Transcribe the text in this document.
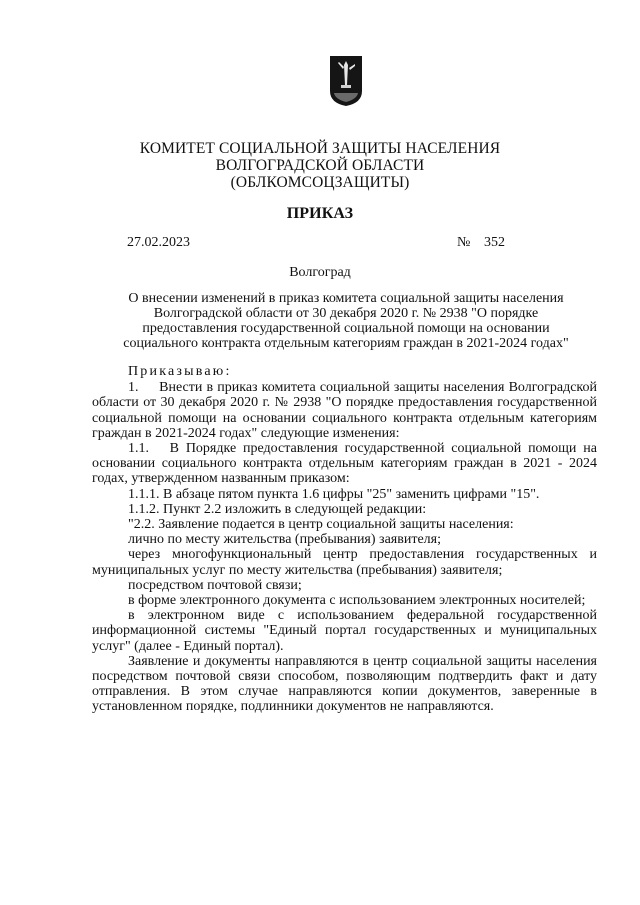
КОМИТЕТ СОЦИАЛЬНОЙ ЗАЩИТЫ НАСЕЛЕНИЯ
ВОЛГОГРАДСКОЙ ОБЛАСТИ
(ОБЛКОМСОЦЗАЩИТЫ)
ПРИКАЗ
27.02.2023	№ 352
Волгоград
О внесении изменений в приказ комитета социальной защиты населения
Волгоградской области от 30 декабря 2020 г. № 2938 "О порядке
предоставления государственной социальной помощи на основании
социального контракта отдельным категориям граждан в 2021-2024 годах"

Приказываю:

1.     Внести в приказ комитета социальной защиты населения Волгоградской области от 30 декабря 2020 г. № 2938 "О порядке предоставления государственной социальной помощи на основании социального контракта отдельным категориям граждан в 2021-2024 годах" следующие изменения:

1.1.   В Порядке предоставления государственной социальной помощи на основании социального контракта отдельным категориям граждан в 2021 - 2024 годах, утвержденном названным приказом:

1.1.1. В абзаце пятом пункта 1.6 цифры "25" заменить цифрами "15".

1.1.2. Пункт 2.2 изложить в следующей редакции:

"2.2. Заявление подается в центр социальной защиты населения:

лично по месту жительства (пребывания) заявителя;

через многофункциональный центр предоставления государственных и муниципальных услуг по месту жительства (пребывания) заявителя;

посредством почтовой связи;

в форме электронного документа с использованием электронных носителей;

в электронном виде с использованием федеральной государственной информационной системы "Единый портал государственных и муниципальных услуг" (далее - Единый портал).

Заявление и документы направляются в центр социальной защиты населения посредством почтовой связи способом, позволяющим подтвердить факт и дату отправления. В этом случае направляются копии документов, заверенные в установленном порядке, подлинники документов не направляются.
